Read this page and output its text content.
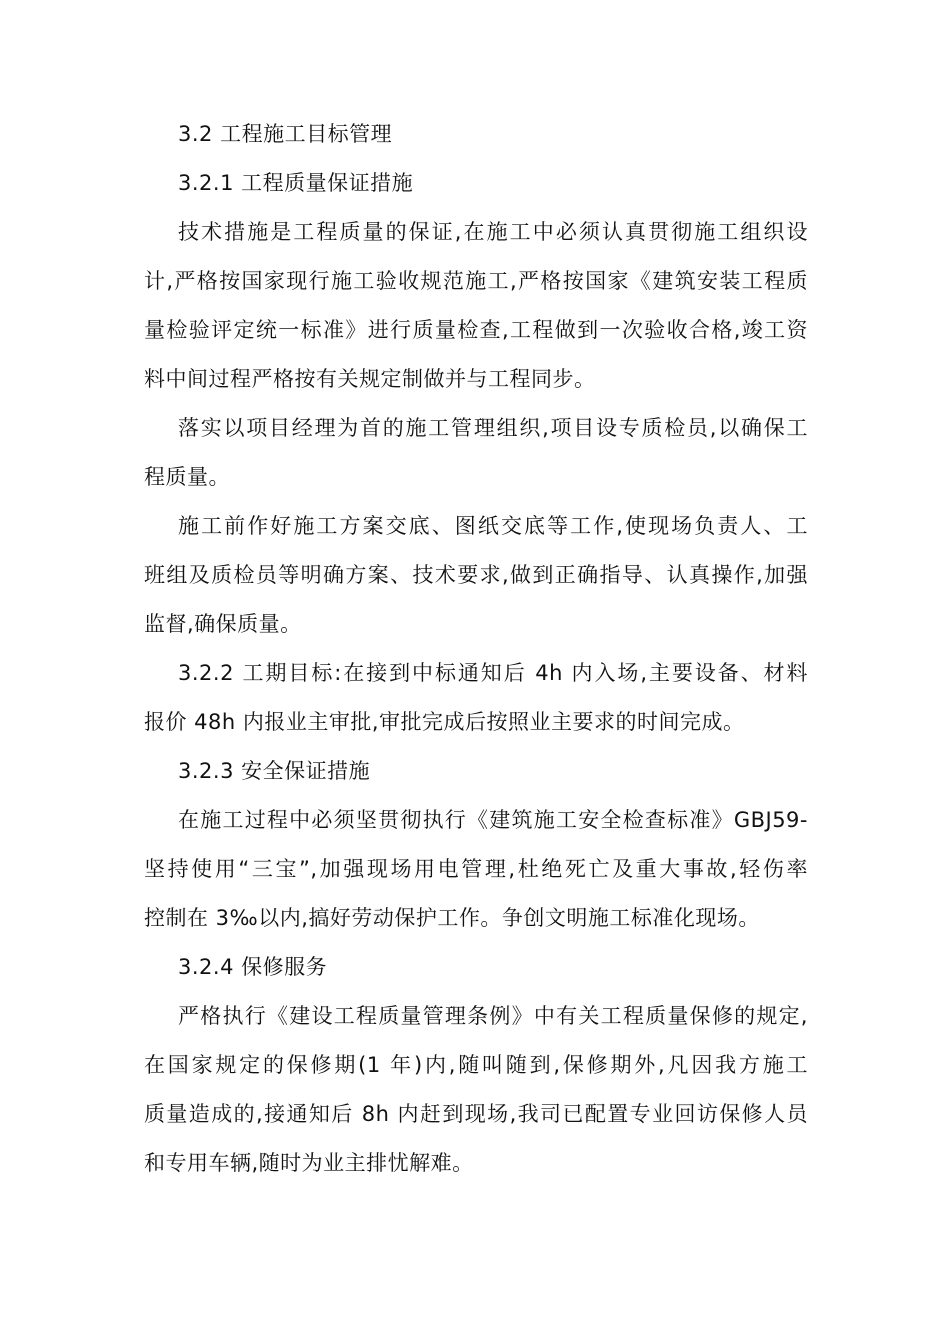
3.2 工程施工目标管理
3.2.1 工程质量保证措施
技术措施是工程质量的保证,在施工中必须认真贯彻施工组织设
计,严格按国家现行施工验收规范施工,严格按国家《建筑安装工程质
量检验评定统一标准》进行质量检查,工程做到一次验收合格,竣工资
料中间过程严格按有关规定制做并与工程同步。
落实以项目经理为首的施工管理组织,项目设专质检员,以确保工
程质量。
施工前作好施工方案交底、图纸交底等工作,使现场负责人、工
班组及质检员等明确方案、技术要求,做到正确指导、认真操作,加强
监督,确保质量。
3.2.2 工期目标:在接到中标通知后 4h 内入场,主要设备、材料
报价 48h 内报业主审批,审批完成后按照业主要求的时间完成。
3.2.3 安全保证措施
在施工过程中必须坚贯彻执行《建筑施工安全检查标准》GBJ59-
坚持使用“三宝”,加强现场用电管理,杜绝死亡及重大事故,轻伤率
控制在 3‰以内,搞好劳动保护工作。争创文明施工标准化现场。
3.2.4 保修服务
严格执行《建设工程质量管理条例》中有关工程质量保修的规定,
在国家规定的保修期(1 年)内,随叫随到,保修期外,凡因我方施工
质量造成的,接通知后 8h 内赶到现场,我司已配置专业回访保修人员
和专用车辆,随时为业主排忧解难。
